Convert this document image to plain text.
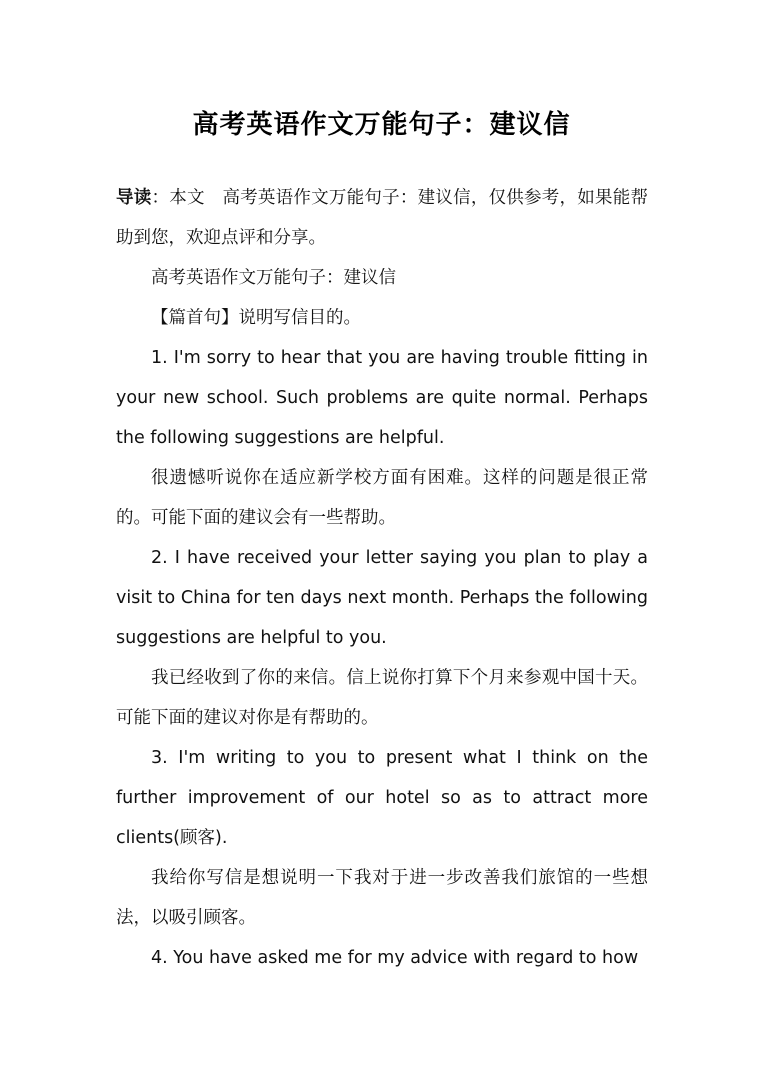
高考英语作文万能句子：建议信

导读：本文　高考英语作文万能句子：建议信，仅供参考，如果能帮助到您，欢迎点评和分享。

高考英语作文万能句子：建议信

【篇首句】说明写信目的。

1. I'm sorry to hear that you are having trouble fitting in your new school. Such problems are quite normal. Perhaps the following suggestions are helpful.

很遗憾听说你在适应新学校方面有困难。这样的问题是很正常的。可能下面的建议会有一些帮助。

2. I have received your letter saying you plan to play a visit to China for ten days next month. Perhaps the following suggestions are helpful to you.

我已经收到了你的来信。信上说你打算下个月来参观中国十天。可能下面的建议对你是有帮助的。

3. I'm writing to you to present what I think on the further improvement of our hotel so as to attract more clients(顾客).

我给你写信是想说明一下我对于进一步改善我们旅馆的一些想法，以吸引顾客。

4. You have asked me for my advice with regard to how
